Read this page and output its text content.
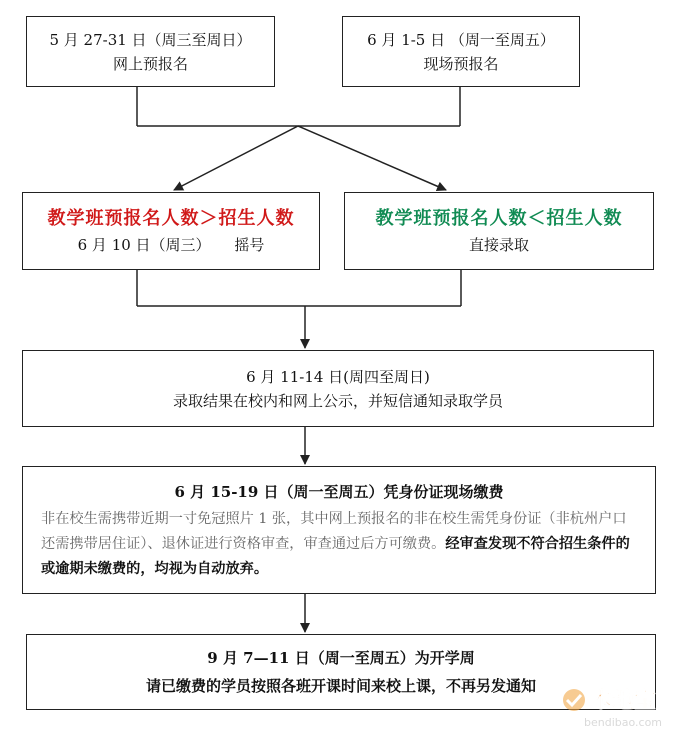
5 月 27-31 日（周三至周日）
网上预报名
6 月 1-5 日 （周一至周五）
现场预报名
教学班预报名人数＞招生人数
6 月 10 日（周三）     摇号
教学班预报名人数＜招生人数
直接录取
6 月 11-14 日(周四至周日)
录取结果在校内和网上公示，并短信通知录取学员
6 月 15-19 日（周一至周五）凭身份证现场缴费
非在校生需携带近期一寸免冠照片 1 张，其中网上预报名的非在校生需凭身份证（非杭州户口还需携带居住证）、退休证进行资格审查，审查通过后方可缴费。经审查发现不符合招生条件的或逾期未缴费的，均视为自动放弃。
9 月 7—11 日（周一至周五）为开学周
请已缴费的学员按照各班开课时间来校上课，不再另发通知
本地宝
bendibao.com
